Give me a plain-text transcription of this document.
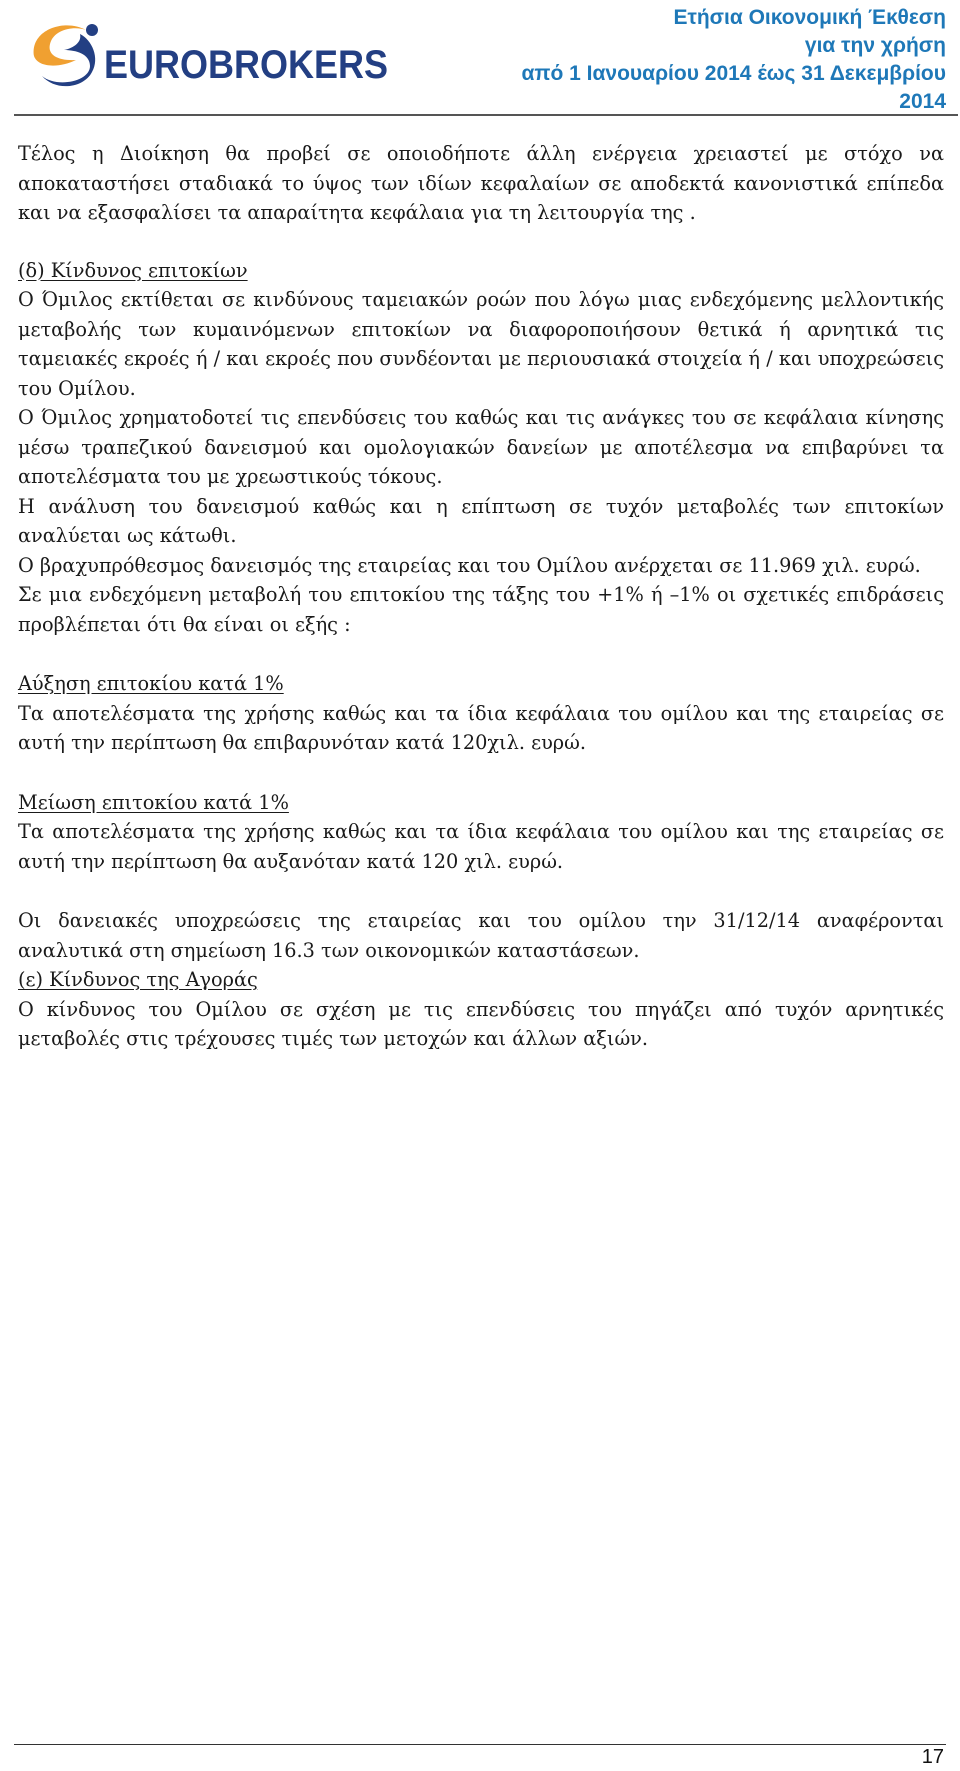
EUROBROKERS
Ετήσια Οικονομική Έκθεση
για την χρήση
από 1 Ιανουαρίου 2014 έως 31 Δεκεμβρίου
2014

Τέλος η Διοίκηση θα προβεί σε οποιοδήποτε άλλη ενέργεια χρειαστεί με στόχο να αποκαταστήσει σταδιακά το ύψος των ιδίων κεφαλαίων σε αποδεκτά κανονιστικά επίπεδα και να εξασφαλίσει τα απαραίτητα κεφάλαια για τη λειτουργία της .

(δ) Κίνδυνος επιτοκίων

Ο Όμιλος εκτίθεται σε κινδύνους ταμειακών ροών που λόγω μιας ενδεχόμενης μελλοντικής μεταβολής των κυμαινόμενων επιτοκίων να διαφοροποιήσουν θετικά ή αρνητικά τις ταμειακές εκροές ή / και εκροές που συνδέονται με περιουσιακά στοιχεία ή / και υποχρεώσεις του Ομίλου.

Ο Όμιλος χρηματοδοτεί τις επενδύσεις του καθώς και τις ανάγκες του σε κεφάλαια κίνησης μέσω τραπεζικού δανεισμού και ομολογιακών δανείων με αποτέλεσμα να επιβαρύνει τα αποτελέσματα του με χρεωστικούς τόκους.

Η ανάλυση του δανεισμού καθώς και η επίπτωση σε τυχόν μεταβολές των επιτοκίων αναλύεται ως κάτωθι.

Ο βραχυπρόθεσμος δανεισμός της εταιρείας και του Ομίλου ανέρχεται σε 11.969 χιλ. ευρώ.

Σε μια ενδεχόμενη μεταβολή του επιτοκίου της τάξης του +1% ή –1% οι σχετικές επιδράσεις προβλέπεται ότι θα είναι οι εξής :

Αύξηση επιτοκίου κατά 1%

Τα αποτελέσματα της χρήσης καθώς και τα ίδια κεφάλαια του ομίλου και της εταιρείας σε αυτή την περίπτωση θα επιβαρυνόταν κατά 120χιλ. ευρώ.

Μείωση επιτοκίου κατά 1%

Τα αποτελέσματα της χρήσης καθώς και τα ίδια κεφάλαια του ομίλου και της εταιρείας σε αυτή την περίπτωση θα αυξανόταν κατά 120 χιλ. ευρώ.

Οι δανειακές υποχρεώσεις της εταιρείας και του ομίλου την 31/12/14 αναφέρονται αναλυτικά στη σημείωση 16.3 των οικονομικών καταστάσεων.

(ε) Κίνδυνος της Αγοράς

Ο κίνδυνος του Ομίλου σε σχέση με τις επενδύσεις του πηγάζει από τυχόν αρνητικές μεταβολές στις τρέχουσες τιμές των μετοχών και άλλων αξιών.

17
